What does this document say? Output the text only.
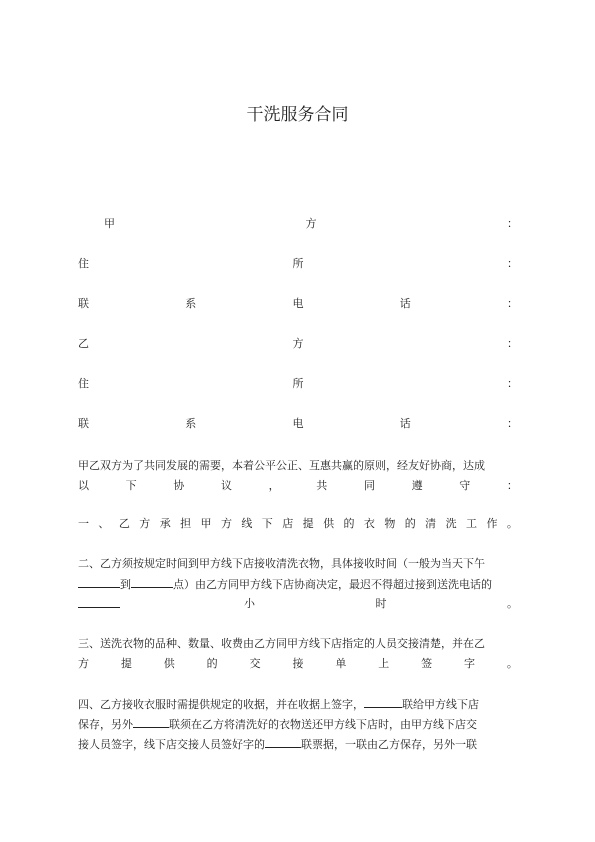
干洗服务合同
甲	方	：
住	所	：
联	系	电	话	：
乙	方	：
住	所	：
联	系	电	话	：
甲乙双方为了共同发展的需要，本着公平公正、互惠共赢的原则，经友好协商，达成
以	下	协	议	，	共	同	遵	守	：
一 、 乙 方 承 担 甲 方 线 下 店 提 供 的 衣 物 的 清 洗 工 作 。
二、乙方须按规定时间到甲方线下店接收清洗衣物，具体接收时间（一般为当天下午
到	点）由乙方同甲方线下店协商决定，最迟不得超过接到送洗电话的
小	时	。
三、送洗衣物的品种、数量、收费由乙方同甲方线下店指定的人员交接清楚，并在乙
方	提	供	的	交	接	单	上	签	字	。
四、乙方接收衣服时需提供规定的收据，并在收据上签字，	联给甲方线下店
保存，另外	联须在乙方将清洗好的衣物送还甲方线下店时，由甲方线下店交
接人员签字，线下店交接人员签好字的	联票据，一联由乙方保存，另外一联
